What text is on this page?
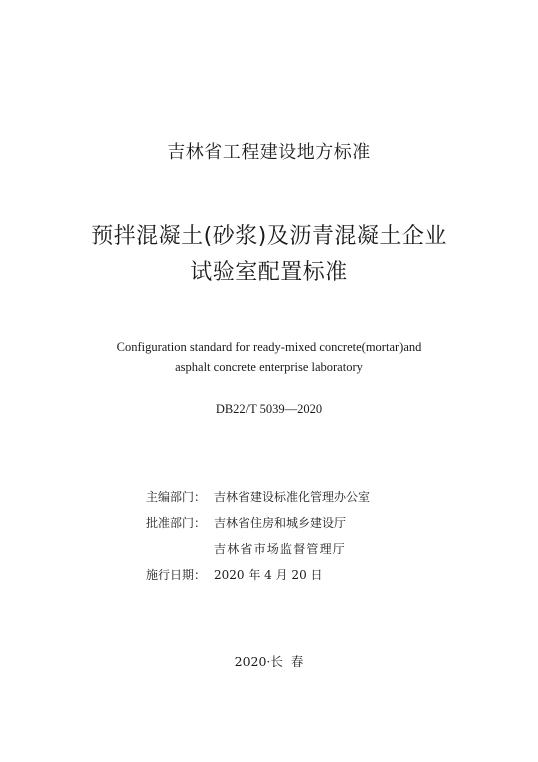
吉林省工程建设地方标准
预拌混凝土(砂浆)及沥青混凝土企业
试验室配置标准
Configuration standard for ready-mixed concrete(mortar)and
asphalt concrete enterprise laboratory
DB22/T 5039—2020
主编部门： 吉林省建设标准化管理办公室
批准部门： 吉林省住房和城乡建设厅
吉林省市场监督管理厅
施行日期： 2020 年 4 月 20 日
2020·长  春
